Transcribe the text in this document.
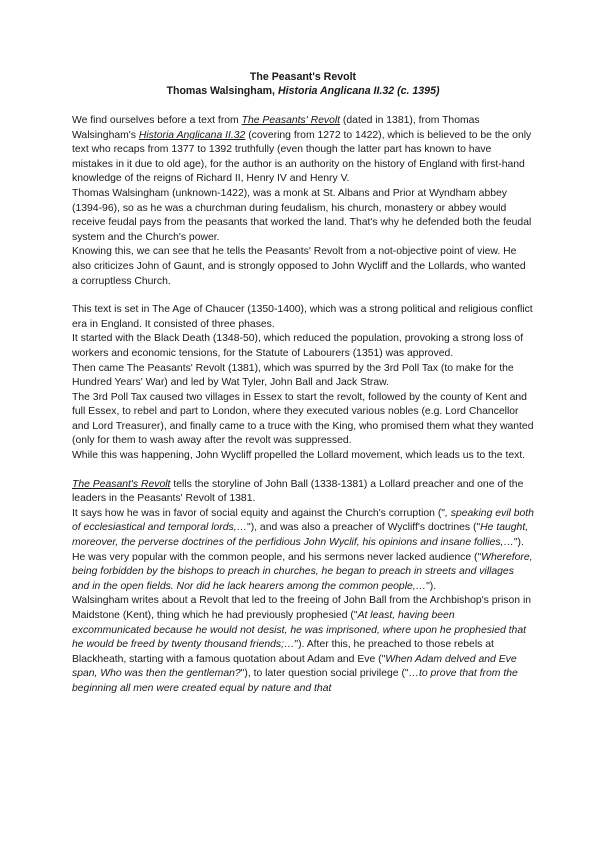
The Peasant's Revolt
Thomas Walsingham, Historia Anglicana II.32 (c. 1395)

We find ourselves before a text from The Peasants' Revolt (dated in 1381), from Thomas Walsingham's Historia Anglicana II.32 (covering from 1272 to 1422), which is believed to be the only text who recaps from 1377 to 1392 truthfully (even though the latter part has known to have mistakes in it due to old age), for the author is an authority on the history of England with first-hand knowledge of the reigns of Richard II, Henry IV and Henry V.

Thomas Walsingham (unknown-1422), was a monk at St. Albans and Prior at Wyndham abbey (1394-96), so as he was a churchman during feudalism, his church, monastery or abbey would receive feudal pays from the peasants that worked the land. That's why he defended both the feudal system and the Church's power.

Knowing this, we can see that he tells the Peasants' Revolt from a not-objective point of view. He also criticizes John of Gaunt, and is strongly opposed to John Wycliff and the Lollards, who wanted a corruptless Church.

This text is set in The Age of Chaucer (1350-1400), which was a strong political and religious conflict era in England. It consisted of three phases.

It started with the Black Death (1348-50), which reduced the population, provoking a strong loss of workers and economic tensions, for the Statute of Labourers (1351) was approved.

Then came The Peasants' Revolt (1381), which was spurred by the 3rd Poll Tax (to make for the Hundred Years' War) and led by Wat Tyler, John Ball and Jack Straw.

The 3rd Poll Tax caused two villages in Essex to start the revolt, followed by the county of Kent and full Essex, to rebel and part to London, where they executed various nobles (e.g. Lord Chancellor and Lord Treasurer), and finally came to a truce with the King, who promised them what they wanted (only for them to wash away after the revolt was suppressed.

While this was happening, John Wycliff propelled the Lollard movement, which leads us to the text.

The Peasant's Revolt tells the storyline of John Ball (1338-1381) a Lollard preacher and one of the leaders in the Peasants' Revolt of 1381.

It says how he was in favor of social equity and against the Church's corruption (", speaking evil both of ecclesiastical and temporal lords,…"), and was also a preacher of Wycliff's doctrines ("He taught, moreover, the perverse doctrines of the perfidious John Wyclif, his opinions and insane follies,…").

He was very popular with the common people, and his sermons never lacked audience ("Wherefore, being forbidden by the bishops to preach in churches, he began to preach in streets and villages and in the open fields. Nor did he lack hearers among the common people,…").

Walsingham writes about a Revolt that led to the freeing of John Ball from the Archbishop's prison in Maidstone (Kent), thing which he had previously prophesied ("At least, having been excommunicated because he would not desist, he was imprisoned, where upon he prophesied that he would be freed by twenty thousand friends;…"). After this, he preached to those rebels at Blackheath, starting with a famous quotation about Adam and Eve ("When Adam delved and Eve span, Who was then the gentleman?"), to later question social privilege ("…to prove that from the beginning all men were created equal by nature and that
